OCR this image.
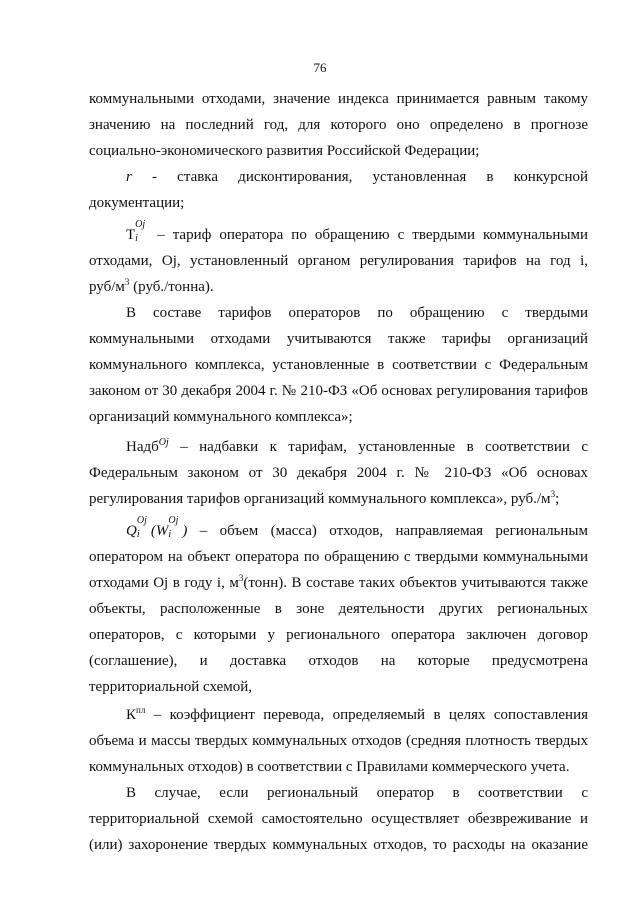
76
коммунальными отходами, значение индекса принимается равным такому
значению на последний год, для которого оно определено в прогнозе
социально-экономического развития Российской Федерации;
r - ставка дисконтирования, установленная в конкурсной
документации;
T
Oj
i – тариф оператора по обращению с твердыми коммунальными
отходами, Oj, установленный органом регулирования тарифов на год i,
руб/$м^3$ (руб./тонна).
В составе тарифов операторов по обращению с твердыми
коммунальными отходами учитываются также тарифы организаций
коммунального комплекса, установленные в соответствии с Федеральным
законом от 30 декабря 2004 г. № 210-ФЗ «Об основах регулирования тарифов
организаций коммунального комплекса»;
Надб$^{Oj}$ – надбавки к тарифам, установленные в соответствии с
Федеральным законом от 30 декабря 2004 г. № 210-ФЗ «Об основах
регулирования тарифов организаций коммунального комплекса», $руб./м^3$;
Q
Oj
i (W
Oj
i ) – объем (масса) отходов, направляемая региональным
оператором на объект оператора по обращению с твердыми коммунальными
отходами Oj в году i, $м^3(тонн)$. В составе таких объектов учитываются также
объекты, расположенные в зоне деятельности других региональных
операторов, с которыми у регионального оператора заключен договор
(соглашение), и доставка отходов на которые предусмотрена
территориальной схемой,
$К^{пл}$ – коэффициент перевода, определяемый в целях сопоставления
объема и массы твердых коммунальных отходов (средняя плотность твердых
коммунальных отходов) в соответствии с Правилами коммерческого учета.
В случае, если региональный оператор в соответствии с
территориальной схемой самостоятельно осуществляет обезвреживание и
(или) захоронение твердых коммунальных отходов, то расходы на оказание
